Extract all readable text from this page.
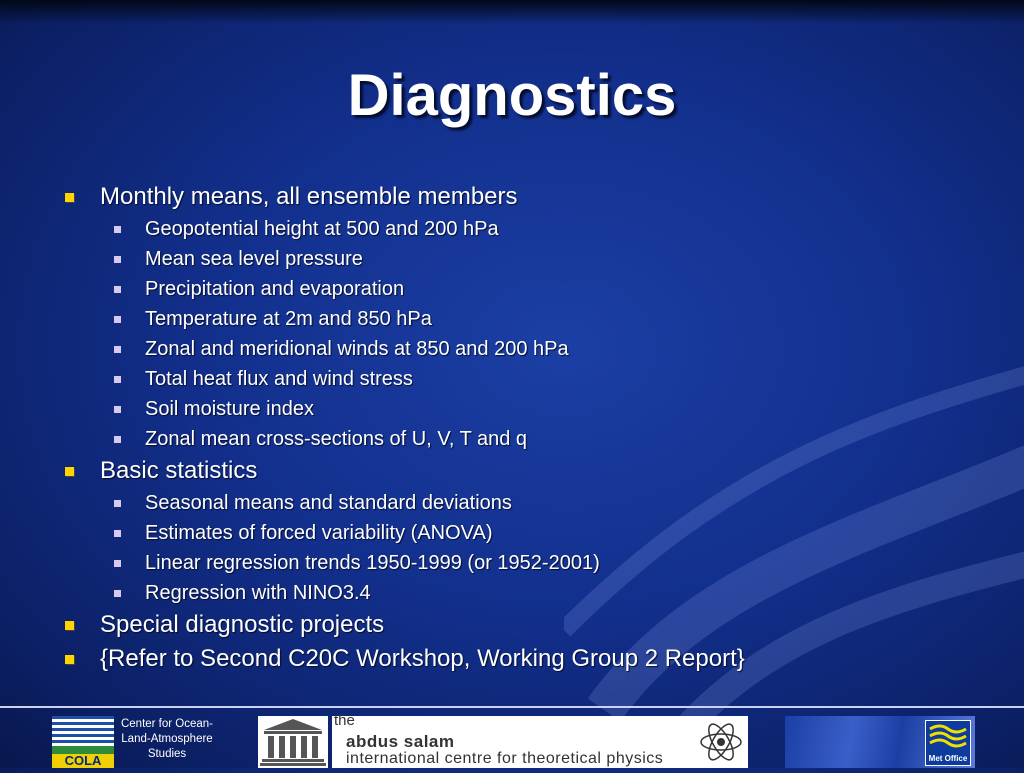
Diagnostics
Monthly means, all ensemble members
Geopotential height at 500 and 200 hPa
Mean sea level pressure
Precipitation and evaporation
Temperature at 2m and 850 hPa
Zonal and meridional winds at 850 and 200 hPa
Total heat flux and wind stress
Soil moisture index
Zonal mean cross-sections of U, V, T and q
Basic statistics
Seasonal means and standard deviations
Estimates of forced variability (ANOVA)
Linear regression trends 1950-1999 (or 1952-2001)
Regression with NINO3.4
Special diagnostic projects
{Refer to Second C20C Workshop, Working Group 2 Report}
COLA
Center for Ocean-Land-Atmosphere Studies
the
abdus salam
international centre for theoretical physics	Met Office
